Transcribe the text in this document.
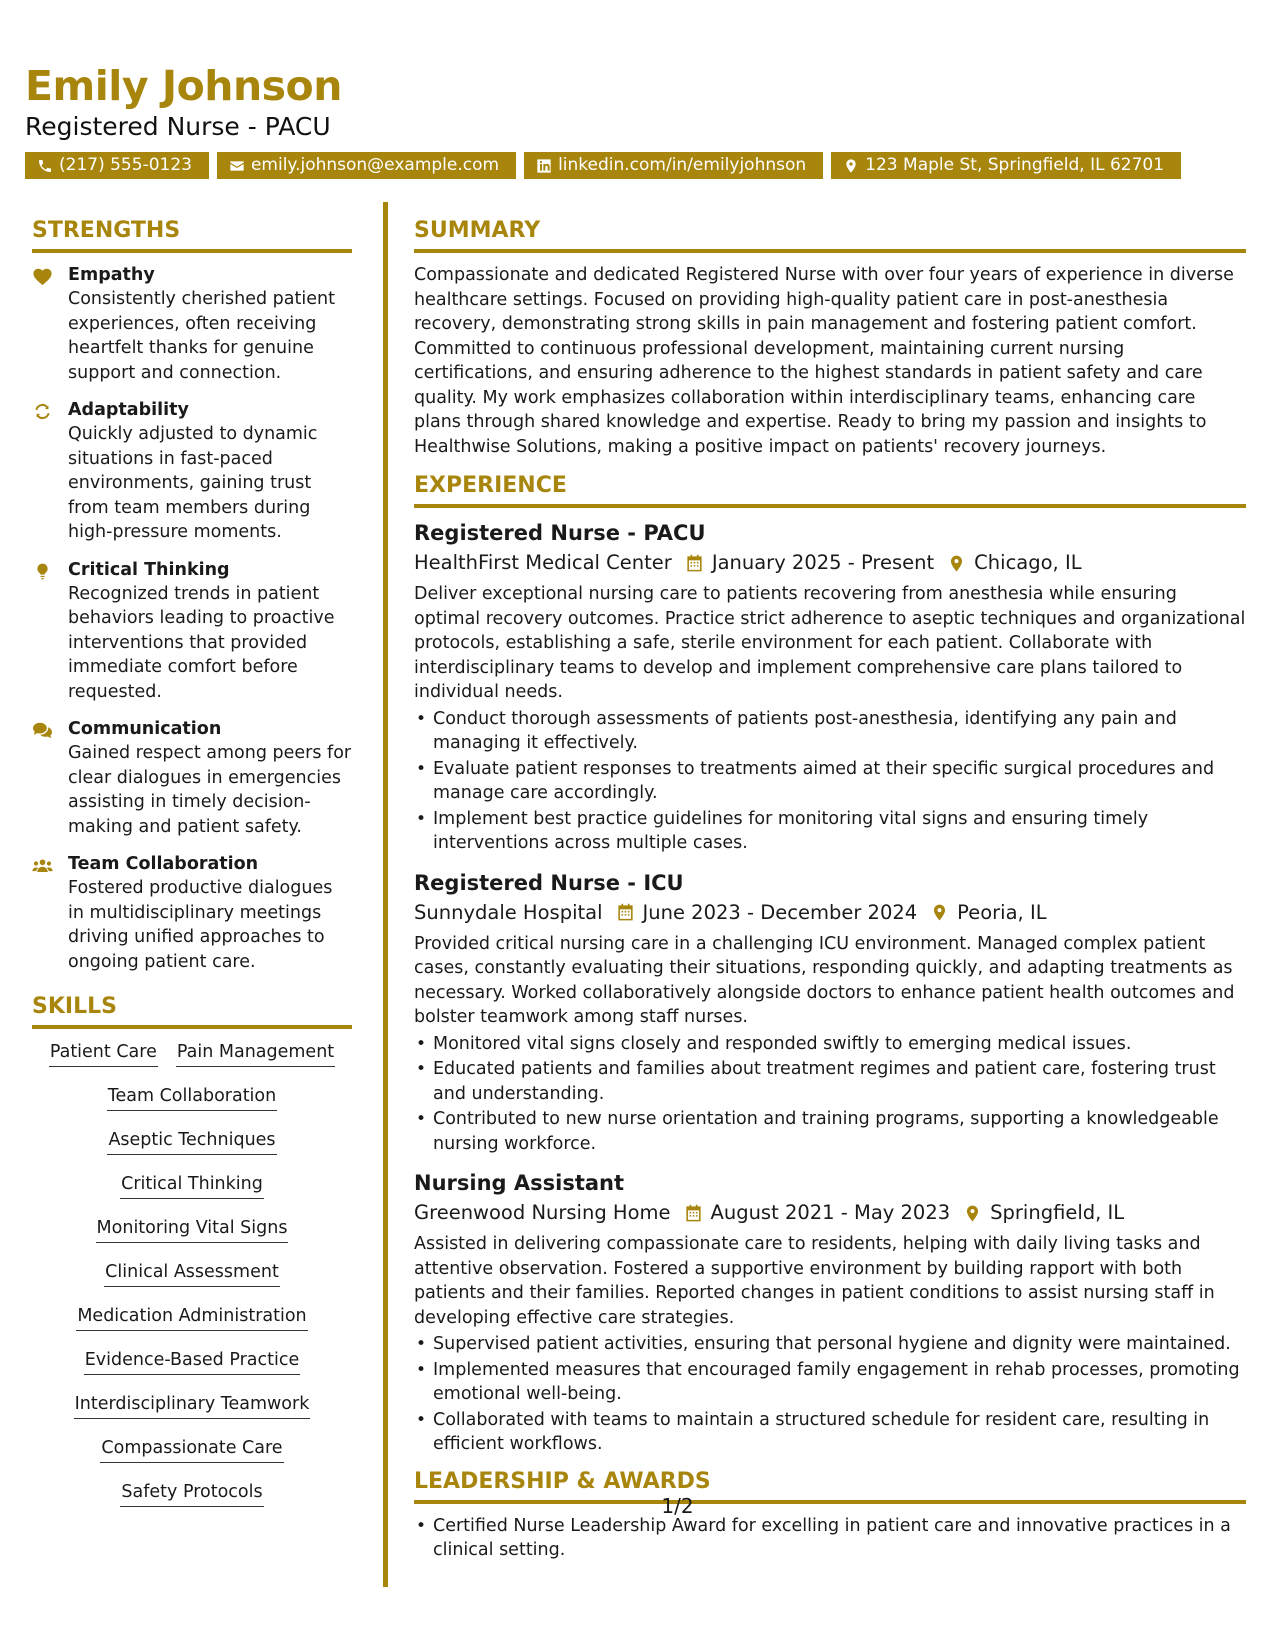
Emily Johnson
Registered Nurse - PACU
(217) 555-0123	emily.johnson@example.com	linkedin.com/in/emilyjohnson	123 Maple St, Springfield, IL 62701
STRENGTHS
Empathy
Consistently cherished patient experiences, often receiving heartfelt thanks for genuine support and connection.
Adaptability
Quickly adjusted to dynamic situations in fast-paced environments, gaining trust from team members during high-pressure moments.
Critical Thinking
Recognized trends in patient behaviors leading to proactive interventions that provided immediate comfort before requested.
Communication
Gained respect among peers for clear dialogues in emergencies assisting in timely decision-making and patient safety.
Team Collaboration
Fostered productive dialogues in multidisciplinary meetings driving unified approaches to ongoing patient care.
SKILLS
Patient Care Pain Management
Team Collaboration
Aseptic Techniques
Critical Thinking
Monitoring Vital Signs
Clinical Assessment
Medication Administration
Evidence-Based Practice
Interdisciplinary Teamwork
Compassionate Care
Safety Protocols
SUMMARY
Compassionate and dedicated Registered Nurse with over four years of experience in diverse healthcare settings. Focused on providing high-quality patient care in post-anesthesia recovery, demonstrating strong skills in pain management and fostering patient comfort. Committed to continuous professional development, maintaining current nursing certifications, and ensuring adherence to the highest standards in patient safety and care quality. My work emphasizes collaboration within interdisciplinary teams, enhancing care plans through shared knowledge and expertise. Ready to bring my passion and insights to Healthwise Solutions, making a positive impact on patients' recovery journeys.
EXPERIENCE
Registered Nurse - PACU
HealthFirst Medical Center January 2025 - Present Chicago, IL
Deliver exceptional nursing care to patients recovering from anesthesia while ensuring optimal recovery outcomes. Practice strict adherence to aseptic techniques and organizational protocols, establishing a safe, sterile environment for each patient. Collaborate with interdisciplinary teams to develop and implement comprehensive care plans tailored to individual needs.
• Conduct thorough assessments of patients post-anesthesia, identifying any pain and managing it effectively.
• Evaluate patient responses to treatments aimed at their specific surgical procedures and manage care accordingly.
• Implement best practice guidelines for monitoring vital signs and ensuring timely interventions across multiple cases.
Registered Nurse - ICU
Sunnydale Hospital June 2023 - December 2024 Peoria, IL
Provided critical nursing care in a challenging ICU environment. Managed complex patient cases, constantly evaluating their situations, responding quickly, and adapting treatments as necessary. Worked collaboratively alongside doctors to enhance patient health outcomes and bolster teamwork among staff nurses.
• Monitored vital signs closely and responded swiftly to emerging medical issues.
• Educated patients and families about treatment regimes and patient care, fostering trust and understanding.
• Contributed to new nurse orientation and training programs, supporting a knowledgeable nursing workforce.
Nursing Assistant
Greenwood Nursing Home August 2021 - May 2023 Springfield, IL
Assisted in delivering compassionate care to residents, helping with daily living tasks and attentive observation. Fostered a supportive environment by building rapport with both patients and their families. Reported changes in patient conditions to assist nursing staff in developing effective care strategies.
• Supervised patient activities, ensuring that personal hygiene and dignity were maintained.
• Implemented measures that encouraged family engagement in rehab processes, promoting emotional well-being.
• Collaborated with teams to maintain a structured schedule for resident care, resulting in efficient workflows.
LEADERSHIP & AWARDS
• Certified Nurse Leadership Award for excelling in patient care and innovative practices in a clinical setting.
1/2
